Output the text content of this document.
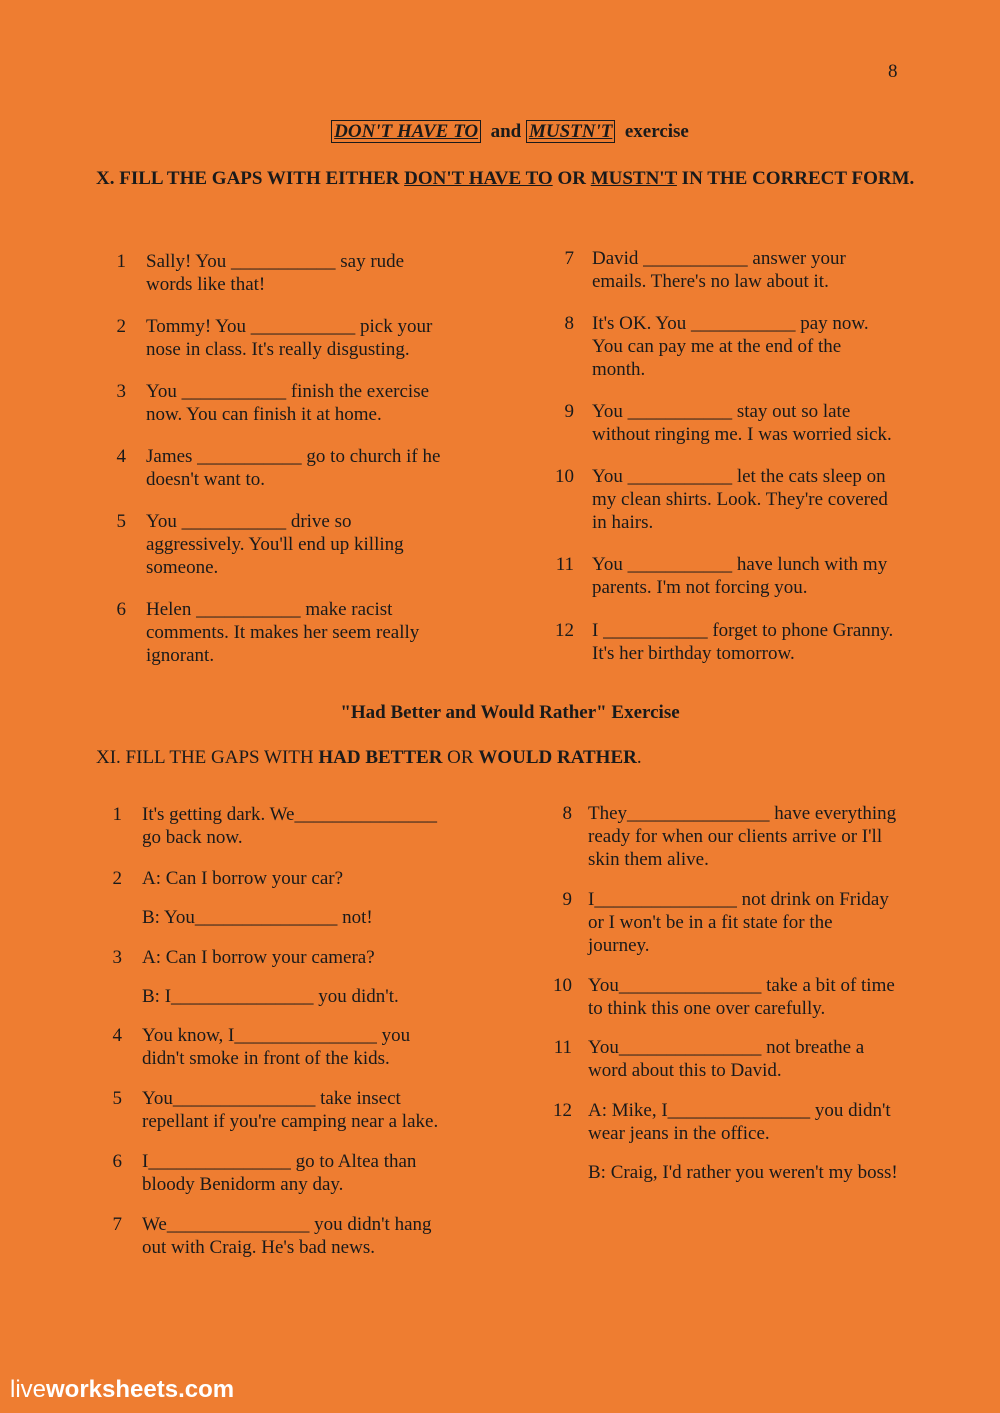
8
DON'T HAVE TO and MUSTN'T exercise
X. FILL THE GAPS WITH EITHER DON'T HAVE TO OR MUSTN'T IN THE CORRECT FORM.
1 Sally! You ___________ say rude
words like that!
2 Tommy! You ___________ pick your
nose in class. It's really disgusting.
3 You ___________ finish the exercise
now. You can finish it at home.
4 James ___________ go to church if he
doesn't want to.
5 You ___________ drive so
aggressively. You'll end up killing
someone.
6 Helen ___________ make racist
comments. It makes her seem really
ignorant.
7 David ___________ answer your
emails. There's no law about it.
8 It's OK. You ___________ pay now.
You can pay me at the end of the
month.
9 You ___________ stay out so late
without ringing me. I was worried sick.
10 You ___________ let the cats sleep on
my clean shirts. Look. They're covered
in hairs.
11 You ___________ have lunch with my
parents. I'm not forcing you.
12 I ___________ forget to phone Granny.
It's her birthday tomorrow.
"Had Better and Would Rather" Exercise
XI. FILL THE GAPS WITH HAD BETTER OR WOULD RATHER.
1 It's getting dark. We_______________
go back now.
2 A: Can I borrow your car?
B: You_______________ not!
3 A: Can I borrow your camera?
B: I_______________ you didn't.
4 You know, I_______________ you
didn't smoke in front of the kids.
5 You_______________ take insect
repellant if you're camping near a lake.
6 I_______________ go to Altea than
bloody Benidorm any day.
7 We_______________ you didn't hang
out with Craig. He's bad news.
8 They_______________ have everything
ready for when our clients arrive or I'll
skin them alive.
9 I_______________ not drink on Friday
or I won't be in a fit state for the
journey.
10 You_______________ take a bit of time
to think this one over carefully.
11 You_______________ not breathe a
word about this to David.
12 A: Mike, I_______________ you didn't
wear jeans in the office.
B: Craig, I'd rather you weren't my boss!
liveworksheets.com
